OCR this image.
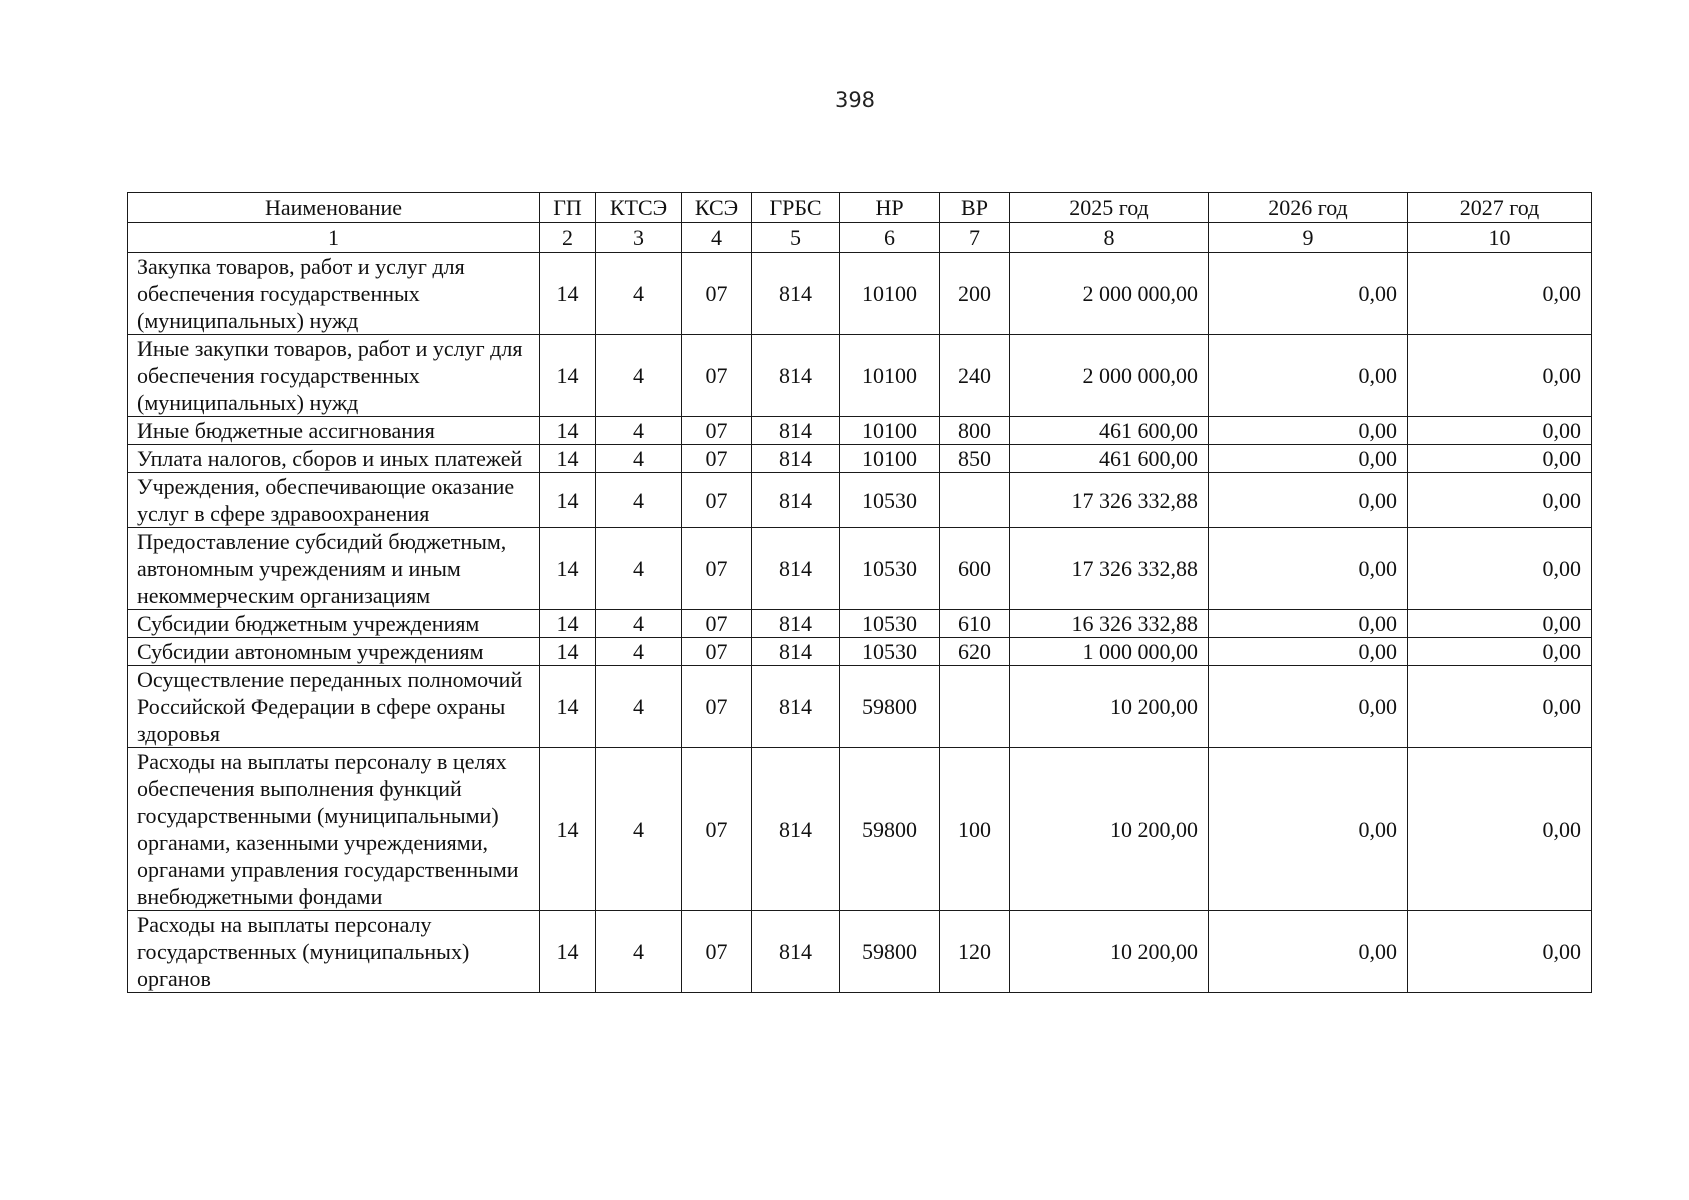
398
Наименование	ГП	КТСЭ	КСЭ	ГРБС	НР	ВР	2025 год	2026 год	2027 год
1	2	3	4	5	6	7	8	9	10
Закупка товаров, работ и услуг для обеспечения государственных (муниципальных) нужд	14	4	07	814	10100	200	2 000 000,00	0,00	0,00
Иные закупки товаров, работ и услуг для обеспечения государственных (муниципальных) нужд	14	4	07	814	10100	240	2 000 000,00	0,00	0,00
Иные бюджетные ассигнования	14	4	07	814	10100	800	461 600,00	0,00	0,00
Уплата налогов, сборов и иных платежей	14	4	07	814	10100	850	461 600,00	0,00	0,00
Учреждения, обеспечивающие оказание услуг в сфере здравоохранения	14	4	07	814	10530		17 326 332,88	0,00	0,00
Предоставление субсидий бюджетным, автономным учреждениям и иным некоммерческим организациям	14	4	07	814	10530	600	17 326 332,88	0,00	0,00
Субсидии бюджетным учреждениям	14	4	07	814	10530	610	16 326 332,88	0,00	0,00
Субсидии автономным учреждениям	14	4	07	814	10530	620	1 000 000,00	0,00	0,00
Осуществление переданных полномочий Российской Федерации в сфере охраны здоровья	14	4	07	814	59800		10 200,00	0,00	0,00
Расходы на выплаты персоналу в целях обеспечения выполнения функций государственными (муниципальными) органами, казенными учреждениями, органами управления государственными внебюджетными фондами	14	4	07	814	59800	100	10 200,00	0,00	0,00
Расходы на выплаты персоналу государственных (муниципальных) органов	14	4	07	814	59800	120	10 200,00	0,00	0,00
